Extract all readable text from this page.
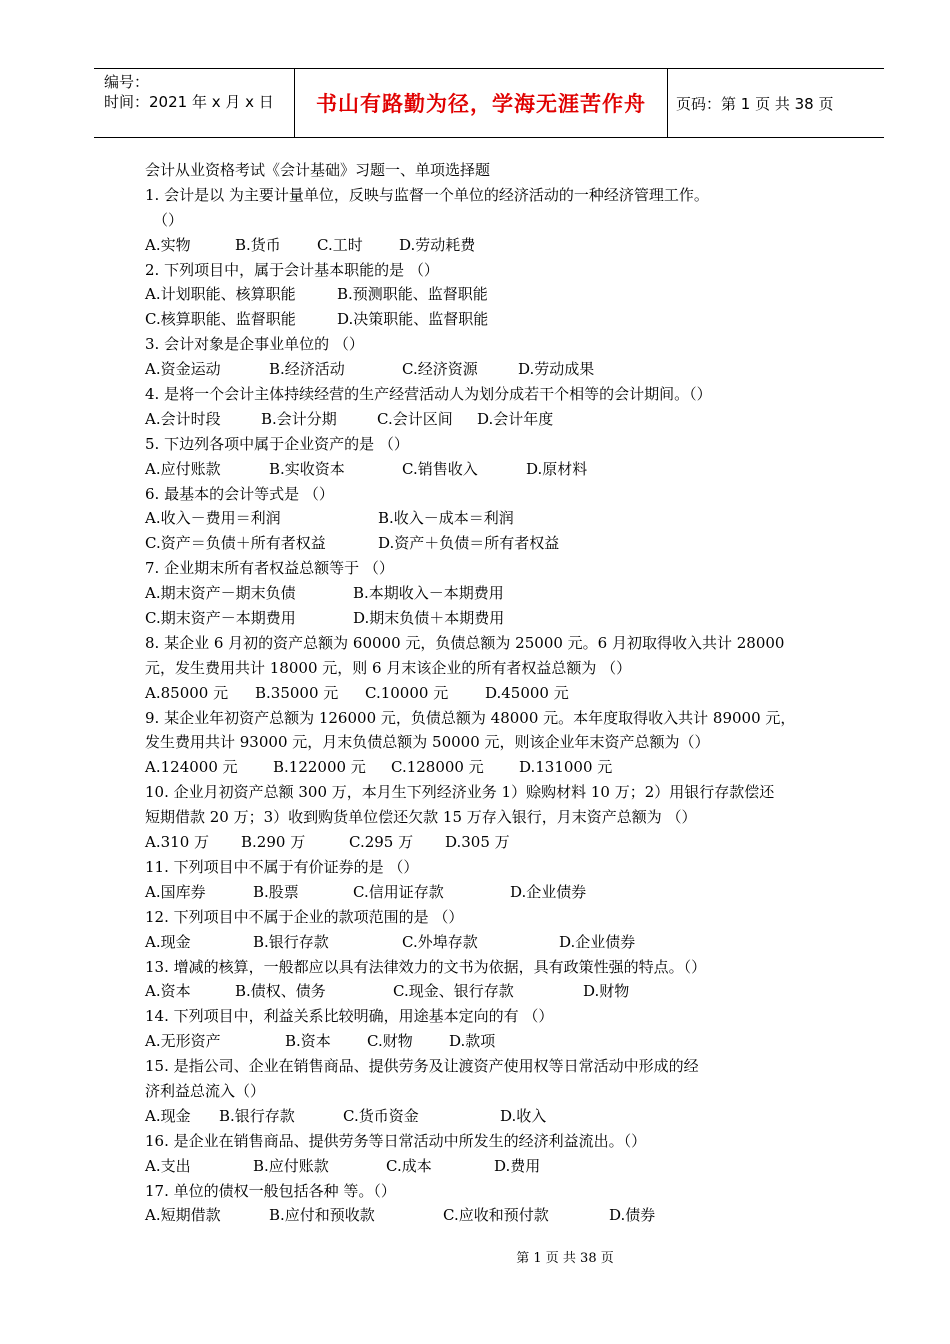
编号：
时间：2021 年 x 月 x 日	书山有路勤为径，学海无涯苦作舟	页码：第 1 页 共 38 页
会计从业资格考试《会计基础》习题一、单项选择题
1. 会计是以 为主要计量单位，反映与监督一个单位的经济活动的一种经济管理工作。
（）
A.实物	B.货币 C.工时 D.劳动耗费
2. 下列项目中，属于会计基本职能的是 （）
A.计划职能、核算职能	B.预测职能、监督职能
C.核算职能、监督职能	D.决策职能、监督职能
3. 会计对象是企事业单位的 （）
A.资金运动	B.经济活动	C.经济资源	D.劳动成果
4. 是将一个会计主体持续经营的生产经营活动人为划分成若干个相等的会计期间。（）
A.会计时段	B.会计分期	C.会计区间 D.会计年度
5. 下边列各项中属于企业资产的是 （）
A.应付账款	B.实收资本	C.销售收入	D.原材料
6. 最基本的会计等式是 （）
A.收入－费用＝利润	B.收入－成本＝利润
C.资产＝负债＋所有者权益	D.资产＋负债＝所有者权益
7. 企业期末所有者权益总额等于 （）
A.期末资产－期末负债	B.本期收入－本期费用
C.期末资产－本期费用	D.期末负债＋本期费用
8. 某企业 6 月初的资产总额为 60000 元，负债总额为 25000 元。6 月初取得收入共计 28000
元，发生费用共计 18000 元，则 6 月末该企业的所有者权益总额为 （）
A.85000 元 B.35000 元 C.10000 元 D.45000 元
9. 某企业年初资产总额为 126000 元，负债总额为 48000 元。本年度取得收入共计 89000 元，
发生费用共计 93000 元，月末负债总额为 50000 元，则该企业年末资产总额为（）
A.124000 元 B.122000 元 C.128000 元 D.131000 元
10. 企业月初资产总额 300 万，本月生下列经济业务 1）赊购材料 10 万；2）用银行存款偿还
短期借款 20 万；3）收到购货单位偿还欠款 15 万存入银行，月末资产总额为 （）
A.310 万 B.290 万	C.295 万 D.305 万
11. 下列项目中不属于有价证券的是 （）
A.国库券	B.股票	C.信用证存款	D.企业债券
12. 下列项目中不属于企业的款项范围的是 （）
A.现金	B.银行存款	C.外埠存款	D.企业债券
13. 增减的核算，一般都应以具有法律效力的文书为依据，具有政策性强的特点。（）
A.资本	B.债权、债务	C.现金、银行存款	D.财物
14. 下列项目中，利益关系比较明确，用途基本定向的有 （）
A.无形资产	B.资本 C.财物 D.款项
15. 是指公司、企业在销售商品、提供劳务及让渡资产使用权等日常活动中形成的经
济利益总流入（）
A.现金 B.银行存款	C.货币资金	D.收入
16. 是企业在销售商品、提供劳务等日常活动中所发生的经济利益流出。（）
A.支出	B.应付账款	C.成本	D.费用
17. 单位的债权一般包括各种 等。（）
A.短期借款	B.应付和预收款	C.应收和预付款	D.债券
第 1 页 共 38 页
